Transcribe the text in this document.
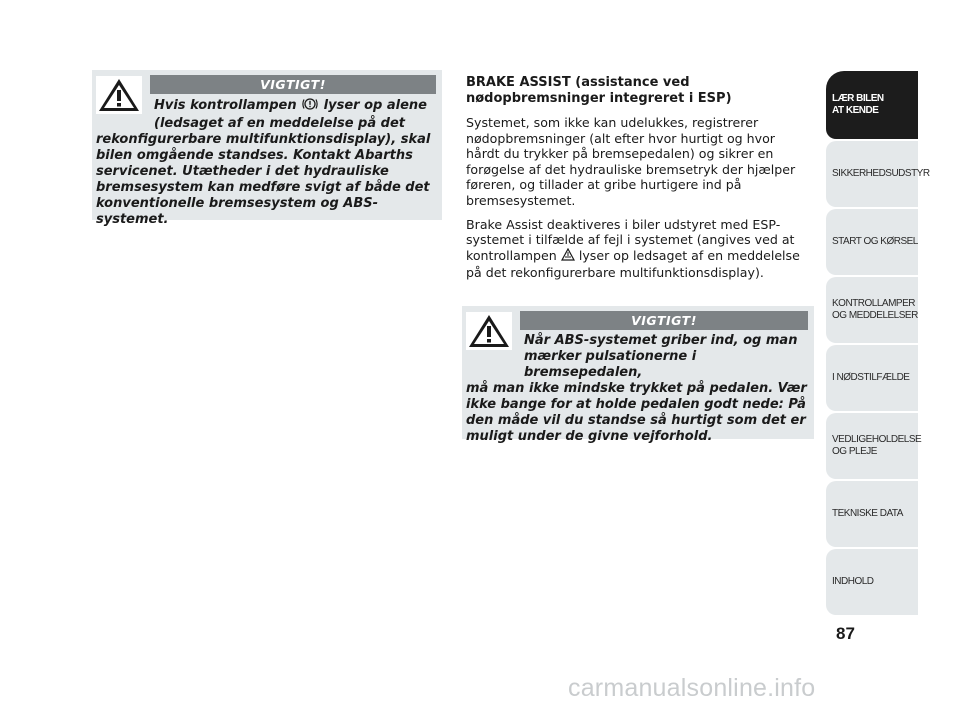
VIGTIGT!
Hvis kontrollampen lyser op alene
(ledsaget af en meddelelse på det
rekonfigurerbare multifunktionsdisplay), skal bilen omgående standses. Kontakt Abarths servicenet. Utætheder i det hydrauliske bremsesystem kan medføre svigt af både det konventionelle bremsesystem og ABS-systemet.
BRAKE ASSIST (assistance ved nødopbremsninger integreret i ESP)

Systemet, som ikke kan udelukkes, registrerer nødopbremsninger (alt efter hvor hurtigt og hvor hårdt du trykker på bremsepedalen) og sikrer en forøgelse af det hydrauliske bremsetryk der hjælper føreren, og tillader at gribe hurtigere ind på bremsesystemet.

Brake Assist deaktiveres i biler udstyret med ESP-systemet i tilfælde af fejl i systemet (angives ved at kontrollampen lyser op ledsaget af en meddelelse på det rekonfigurerbare multifunktionsdisplay).

VIGTIGT!
Når ABS-systemet griber ind, og man
mærker pulsationerne i bremsepedalen,
må man ikke mindske trykket på pedalen. Vær ikke bange for at holde pedalen godt nede: På den måde vil du standse så hurtigt som det er muligt under de givne vejforhold.
LÆR BILEN
AT KENDE
SIKKERHEDSUDSTYR
START OG KØRSEL
KONTROLLAMPER
OG MEDDELELSER
I NØDSTILFÆLDE
VEDLIGEHOLDELSE
OG PLEJE
TEKNISKE DATA
INDHOLD
87
carmanualsonline.info
